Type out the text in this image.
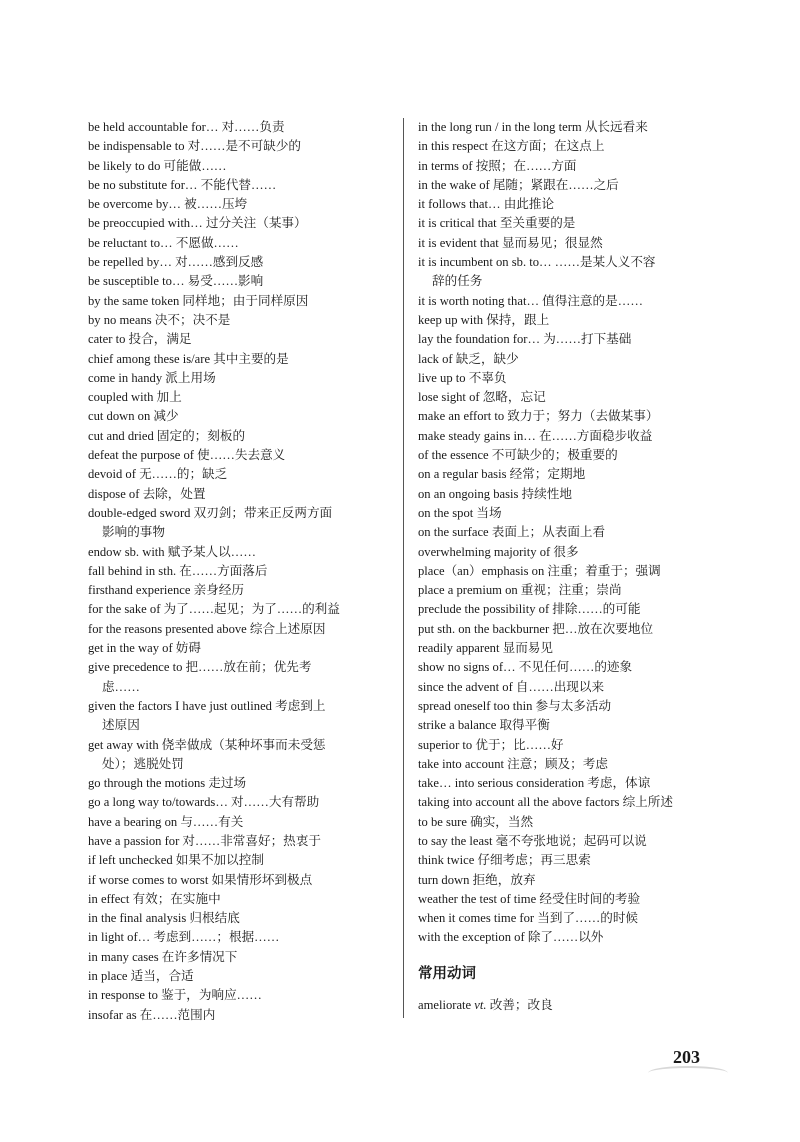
be held accountable for… 对……负责
be indispensable to 对……是不可缺少的
be likely to do 可能做……
be no substitute for… 不能代替……
be overcome by… 被……压垮
be preoccupied with… 过分关注（某事）
be reluctant to… 不愿做……
be repelled by… 对……感到反感
be susceptible to… 易受……影响
by the same token 同样地；由于同样原因
by no means 决不；决不是
cater to 投合，满足
chief among these is/are 其中主要的是
come in handy 派上用场
coupled with 加上
cut down on 减少
cut and dried 固定的；刻板的
defeat the purpose of 使……失去意义
devoid of 无……的；缺乏
dispose of 去除，处置
double-edged sword 双刃剑；带来正反两方面
影响的事物
endow sb. with 赋予某人以……
fall behind in sth. 在……方面落后
firsthand experience 亲身经历
for the sake of 为了……起见；为了……的利益
for the reasons presented above 综合上述原因
get in the way of 妨碍
give precedence to 把……放在前；优先考
虑……
given the factors I have just outlined 考虑到上
述原因
get away with 侥幸做成（某种坏事而未受惩
处）；逃脱处罚
go through the motions 走过场
go a long way to/towards… 对……大有帮助
have a bearing on 与……有关
have a passion for 对……非常喜好；热衷于
if left unchecked 如果不加以控制
if worse comes to worst 如果情形坏到极点
in effect 有效；在实施中
in the final analysis 归根结底
in light of… 考虑到……；根据……
in many cases 在许多情况下
in place 适当，合适
in response to 鉴于，为响应……
insofar as 在……范围内
in the long run / in the long term 从长远看来
in this respect 在这方面；在这点上
in terms of 按照；在……方面
in the wake of 尾随；紧跟在……之后
it follows that… 由此推论
it is critical that 至关重要的是
it is evident that 显而易见；很显然
it is incumbent on sb. to… ……是某人义不容
辞的任务
it is worth noting that… 值得注意的是……
keep up with 保持，跟上
lay the foundation for… 为……打下基础
lack of 缺乏，缺少
live up to 不辜负
lose sight of 忽略，忘记
make an effort to 致力于；努力（去做某事）
make steady gains in… 在……方面稳步收益
of the essence 不可缺少的；极重要的
on a regular basis 经常；定期地
on an ongoing basis 持续性地
on the spot 当场
on the surface 表面上；从表面上看
overwhelming majority of 很多
place（an）emphasis on 注重；着重于；强调
place a premium on 重视；注重；崇尚
preclude the possibility of 排除……的可能
put sth. on the backburner 把…放在次要地位
readily apparent 显而易见
show no signs of… 不见任何……的迹象
since the advent of 自……出现以来
spread oneself too thin 参与太多活动
strike a balance 取得平衡
superior to 优于；比……好
take into account 注意；顾及；考虑
take… into serious consideration 考虑，体谅
taking into account all the above factors 综上所述
to be sure 确实，当然
to say the least 毫不夸张地说；起码可以说
think twice 仔细考虑；再三思索
turn down 拒绝，放弃
weather the test of time 经受住时间的考验
when it comes time for 当到了……的时候
with the exception of 除了……以外
常用动词
ameliorate vt. 改善；改良
203
